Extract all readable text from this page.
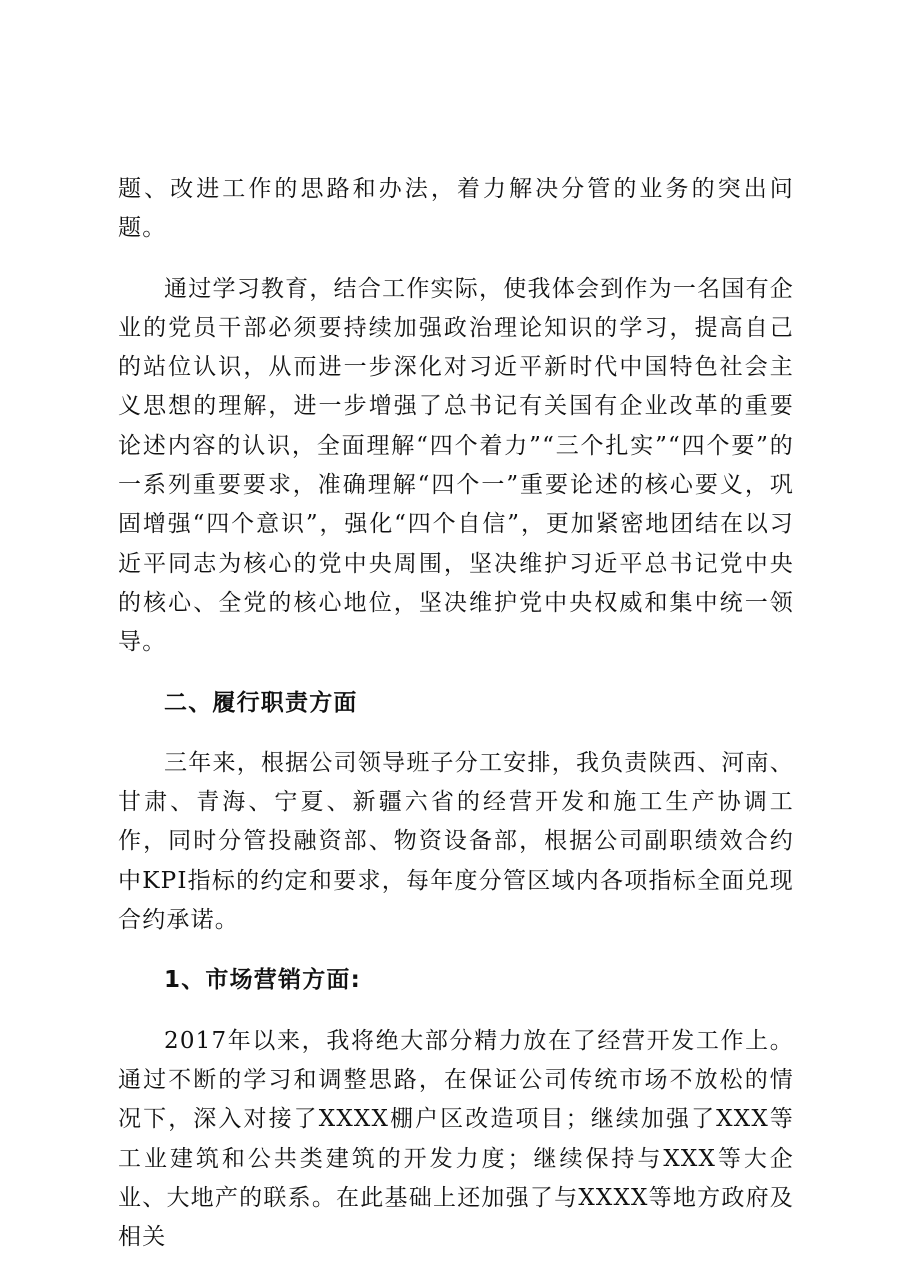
题、改进工作的思路和办法，着力解决分管的业务的突出问题。

通过学习教育，结合工作实际，使我体会到作为一名国有企业的党员干部必须要持续加强政治理论知识的学习，提高自己的站位认识，从而进一步深化对习近平新时代中国特色社会主义思想的理解，进一步增强了总书记有关国有企业改革的重要论述内容的认识，全面理解“四个着力”“三个扎实”“四个要”的一系列重要要求，准确理解“四个一”重要论述的核心要义，巩固增强“四个意识”，强化“四个自信”，更加紧密地团结在以习近平同志为核心的党中央周围，坚决维护习近平总书记党中央的核心、全党的核心地位，坚决维护党中央权威和集中统一领导。

二、履行职责方面

三年来，根据公司领导班子分工安排，我负责陕西、河南、甘肃、青海、宁夏、新疆六省的经营开发和施工生产协调工作，同时分管投融资部、物资设备部，根据公司副职绩效合约中KPI指标的约定和要求，每年度分管区域内各项指标全面兑现合约承诺。

1、市场营销方面:

2017年以来，我将绝大部分精力放在了经营开发工作上。通过不断的学习和调整思路，在保证公司传统市场不放松的情况下，深入对接了XXXX棚户区改造项目；继续加强了XXX等工业建筑和公共类建筑的开发力度；继续保持与XXX等大企业、大地产的联系。在此基础上还加强了与XXXX等地方政府及相关
